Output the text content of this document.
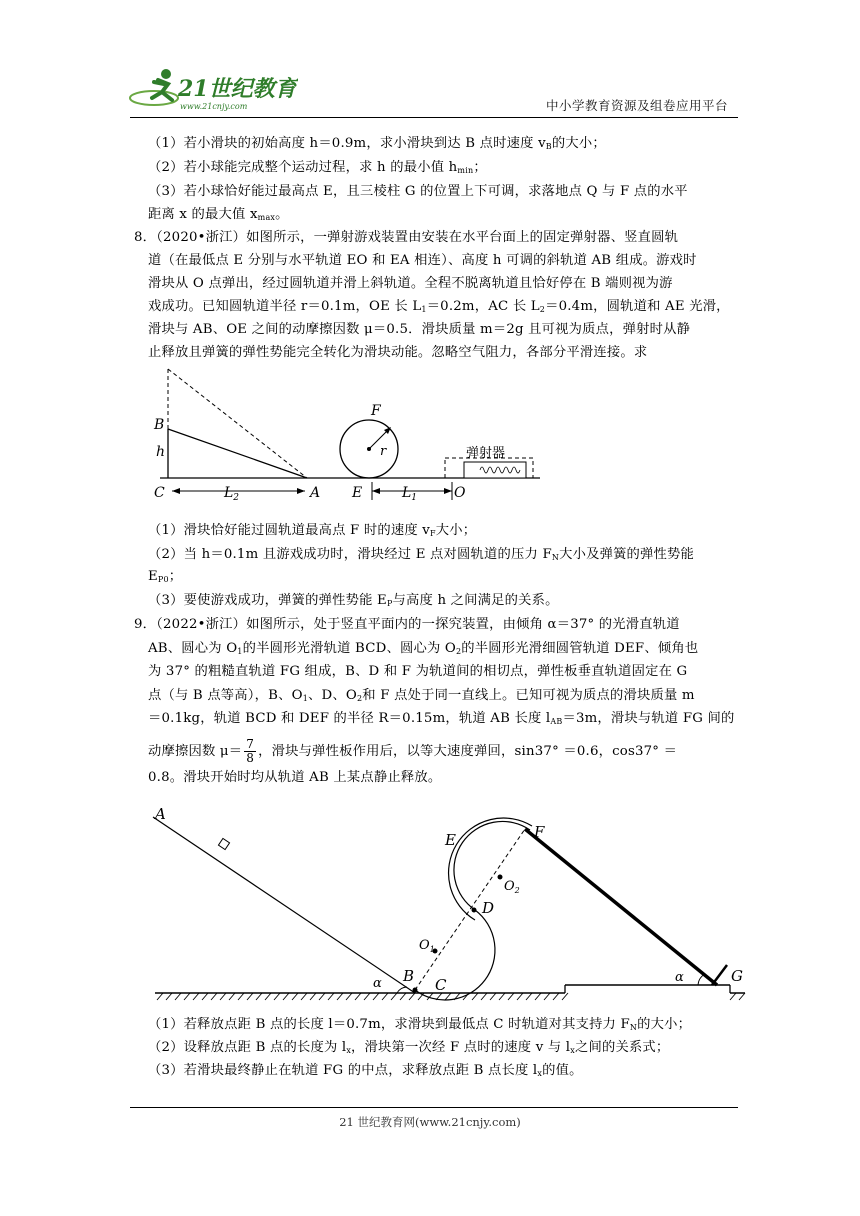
21世纪教育
www.21cnjy.com	中小学教育资源及组卷应用平台
（1）若小滑块的初始高度 h＝0.9m，求小滑块到达 B 点时速度 $v_B$的大小；
（2）若小球能完成整个运动过程，求 h 的最小值 $h_{min}$；
（3）若小球恰好能过最高点 E，且三棱柱 G 的位置上下可调，求落地点 Q 与 F 点的水平
距离 x 的最大值 $x_{max}$。
8．（2020•浙江）如图所示，一弹射游戏装置由安装在水平台面上的固定弹射器、竖直圆轨
道（在最低点 E 分别与水平轨道 EO 和 EA 相连）、高度 h 可调的斜轨道 AB 组成。游戏时
滑块从 O 点弹出，经过圆轨道并滑上斜轨道。全程不脱离轨道且恰好停在 B 端则视为游
戏成功。已知圆轨道半径 r＝0.1m，OE 长 $L_1=0.2m$，AC 长 $L_2=0.4m$，圆轨道和 AE 光滑，
滑块与 AB、OE 之间的动摩擦因数 μ＝0.5．滑块质量 m＝2g 且可视为质点，弹射时从静
止释放且弹簧的弹性势能完全转化为滑块动能。忽略空气阻力，各部分平滑连接。求
B
h
C	$L_2$	A E	$L_1$	O
F
r	弹射器
（1）滑块恰好能过圆轨道最高点 F 时的速度 $v_F$大小；
（2）当 h＝0.1m 且游戏成功时，滑块经过 E 点对圆轨道的压力 $F_N$大小及弹簧的弹性势能
$E_{P0}$；
（3）要使游戏成功，弹簧的弹性势能 $E_P$与高度 h 之间满足的关系。
9．（2022•浙江）如图所示，处于竖直平面内的一探究装置，由倾角 α＝37° 的光滑直轨道
AB、圆心为 $O_1$的半圆形光滑轨道 BCD、圆心为 $O_2$的半圆形光滑细圆管轨道 DEF、倾角也
为 37° 的粗糙直轨道 FG 组成，B、D 和 F 为轨道间的相切点，弹性板垂直轨道固定在 G
点（与 B 点等高），B、$O_1$、D、$O_2$和 F 点处于同一直线上。已知可视为质点的滑块质量 m
＝0.1kg，轨道 BCD 和 DEF 的半径 R＝0.15m，轨道 AB 长度 $l_{AB}=3m$，滑块与轨道 FG 间的
动摩擦因数 $\mu= \frac{7}{8}$ ，滑块与弹性板作用后，以等大速度弹回，sin37° ＝0.6，cos37° ＝
0.8。滑块开始时均从轨道 AB 上某点静止释放。
A
B C
D
E	F
G
$O_1$
$O_2$
α	α
（1）若释放点距 B 点的长度 l＝0.7m，求滑块到最低点 C 时轨道对其支持力 $F_N$的大小；
（2）设释放点距 B 点的长度为 $l_x$，滑块第一次经 F 点时的速度 v 与 $l_x$之间的关系式；
（3）若滑块最终静止在轨道 FG 的中点，求释放点距 B 点长度 $l_x$的值。
21 世纪教育网(www.21cnjy.com)
